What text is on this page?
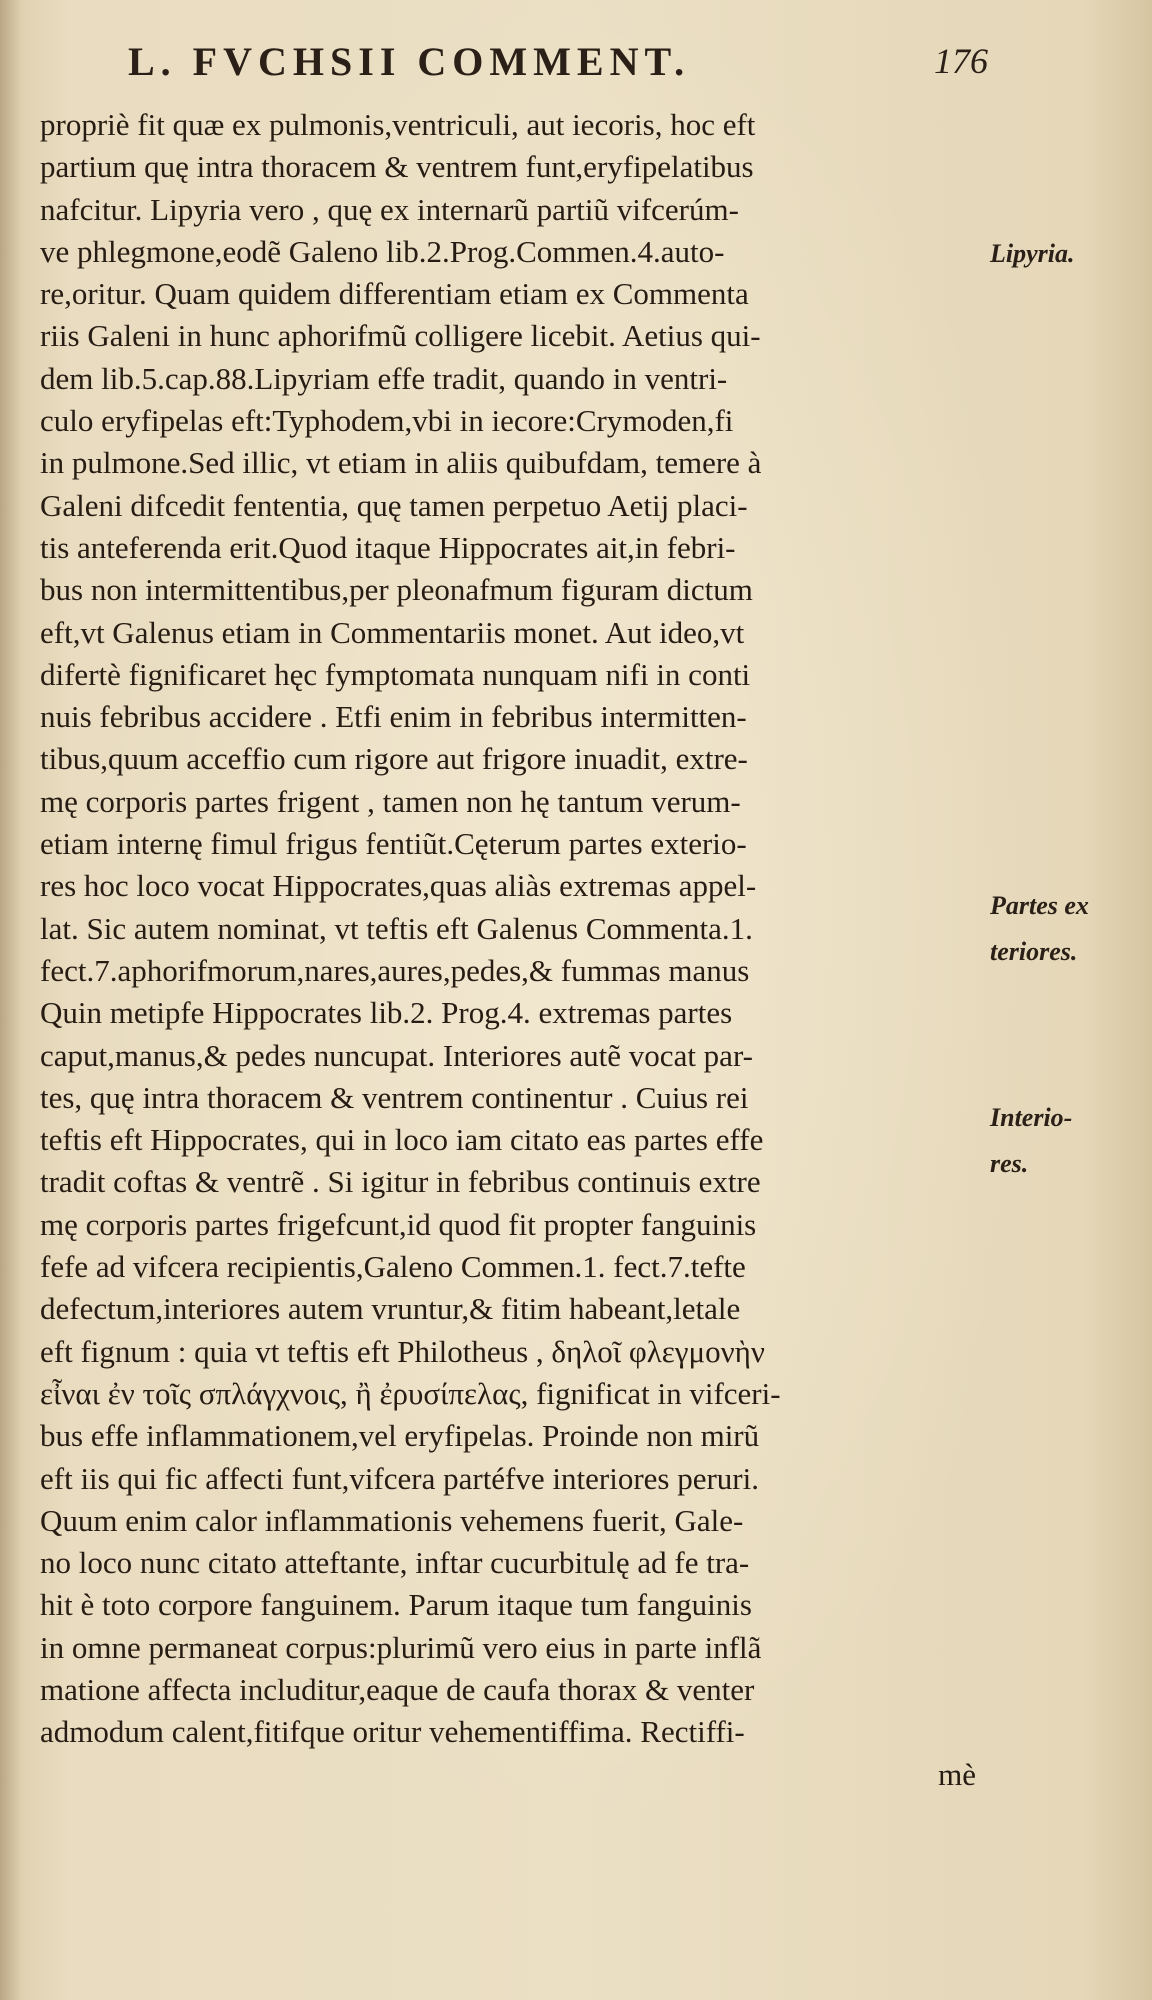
L. FVCHSII COMMENT.	176
propriè fit quæ ex pulmonis,ventriculi, aut iecoris, hoc eft
partium quę intra thoracem & ventrem funt,eryfipelatibus
nafcitur. Lipyria vero , quę ex internarũ partiũ vifcerúm-
ve phlegmone,eodẽ Galeno lib.2.Prog.Commen.4.auto-
re,oritur. Quam quidem differentiam etiam ex Commenta
riis Galeni in hunc aphorifmũ colligere licebit. Aetius qui-
dem lib.5.cap.88.Lipyriam effe tradit, quando in ventri-
culo eryfipelas eft:Typhodem,vbi in iecore:Crymoden,fi
in pulmone.Sed illic, vt etiam in aliis quibufdam, temere à
Galeni difcedit fententia, quę tamen perpetuo Aetij placi-
tis anteferenda erit.Quod itaque Hippocrates ait,in febri-
bus non intermittentibus,per pleonafmum figuram dictum
eft,vt Galenus etiam in Commentariis monet. Aut ideo,vt
difertè fignificaret hęc fymptomata nunquam nifi in conti
nuis febribus accidere . Etfi enim in febribus intermitten-
tibus,quum acceffio cum rigore aut frigore inuadit, extre-
mę corporis partes frigent , tamen non hę tantum verum-
etiam internę fimul frigus fentiũt.Cęterum partes exterio-
res hoc loco vocat Hippocrates,quas aliàs extremas appel-
lat. Sic autem nominat, vt teftis eft Galenus Commenta.1.
fect.7.aphorifmorum,nares,aures,pedes,& fummas manus
Quin metipfe Hippocrates lib.2. Prog.4. extremas partes
caput,manus,& pedes nuncupat. Interiores autẽ vocat par-
tes, quę intra thoracem & ventrem continentur . Cuius rei
teftis eft Hippocrates, qui in loco iam citato eas partes effe
tradit coftas & ventrẽ . Si igitur in febribus continuis extre
mę corporis partes frigefcunt,id quod fit propter fanguinis
fefe ad vifcera recipientis,Galeno Commen.1. fect.7.tefte
defectum,interiores autem vruntur,& fitim habeant,letale
eft fignum : quia vt teftis eft Philotheus , δηλοῖ φλεγμονὴν
εἶναι ἐν τοῖς σπλάγχνοις, ἢ ἐρυσίπελας, fignificat in vifceri-
bus effe inflammationem,vel eryfipelas. Proinde non mirũ
eft iis qui fic affecti funt,vifcera partéfve interiores peruri.
Quum enim calor inflammationis vehemens fuerit, Gale-
no loco nunc citato atteftante, inftar cucurbitulę ad fe tra-
hit è toto corpore fanguinem. Parum itaque tum fanguinis
in omne permaneat corpus:plurimũ vero eius in parte inflã
matione affecta includitur,eaque de caufa thorax & venter
admodum calent,fitifque oritur vehementiffima. Rectiffi-
mè
Lipyria.
Partes ex
teriores.
Interio-
res.
